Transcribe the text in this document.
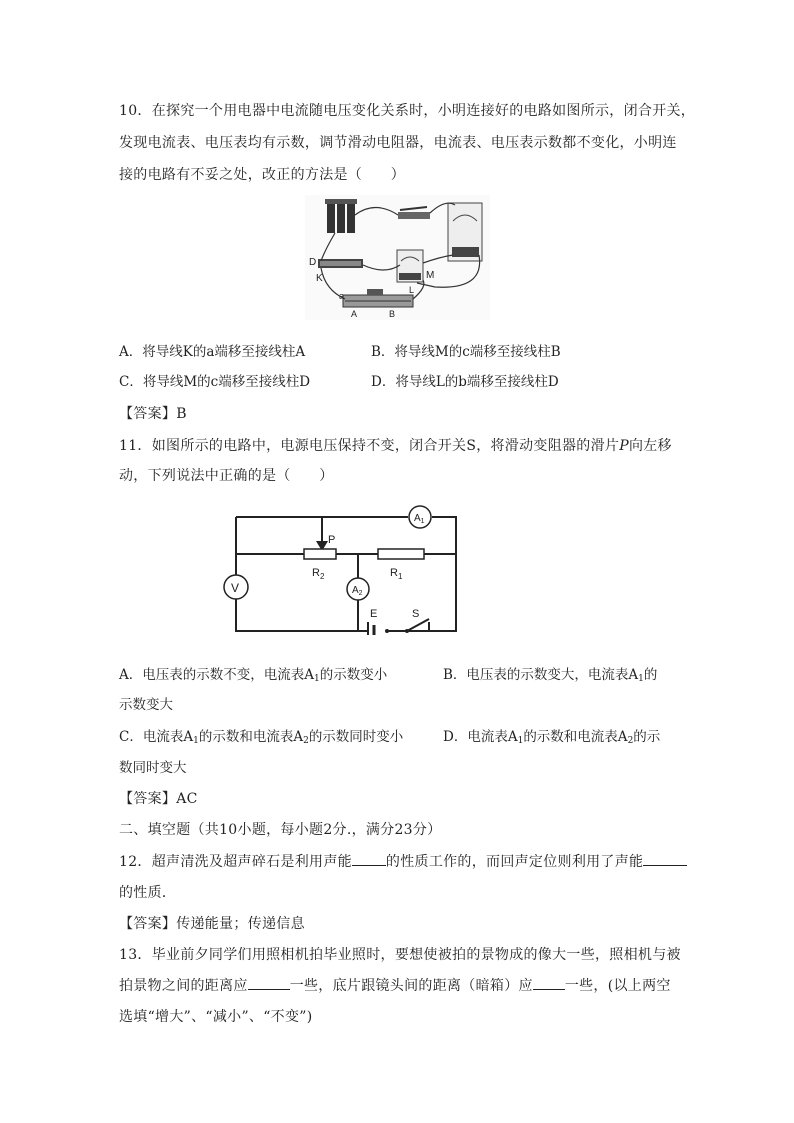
10．在探究一个用电器中电流随电压变化关系时，小明连接好的电路如图所示，闭合开关，
发现电流表、电压表均有示数，调节滑动电阻器，电流表、电压表示数都不变化，小明连
接的电路有不妥之处，改正的方法是（　　）
D
K	M
L
a
A	B
A．将导线K的a端移至接线柱A	B．将导线M的c端移至接线柱B
C．将导线M的c端移至接线柱D	D．将导线L的b端移至接线柱D
【答案】B
11．如图所示的电路中，电源电压保持不变，闭合开关S，将滑动变阻器的滑片P向左移
动，下列说法中正确的是（　　）
$A_1$
$A_2$
V
P
$R_2$	$R_1$
E	S
A．电压表的示数不变，电流表$A_1$的示数变小	B．电压表的示数变大，电流表$A_1$的
示数变大
C．电流表$A_1$的示数和电流表$A_2$的示数同时变小	D．电流表$A_1$的示数和电流表$A_2$的示
数同时变大
【答案】AC
二、填空题（共10小题，每小题2分.，满分23分）
12．超声清洗及超声碎石是利用声能 的性质工作的，而回声定位则利用了声能
的性质．
【答案】传递能量；传递信息
13．毕业前夕同学们用照相机拍毕业照时，要想使被拍的景物成的像大一些，照相机与被
拍景物之间的距离应	一些，底片跟镜头间的距离（暗箱）应 一些，(以上两空
选填“增大”、“减小”、“不变”)
